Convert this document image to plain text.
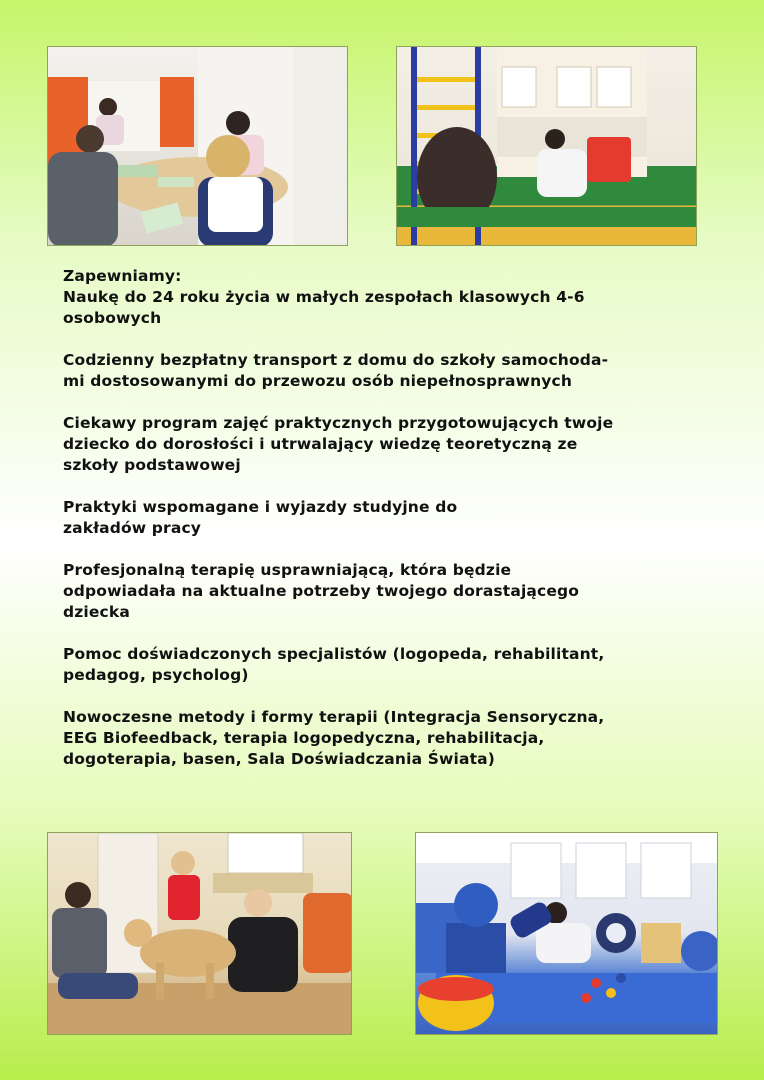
Zapewniamy:
Naukę do 24 roku życia w małych zespołach klasowych 4-6
osobowych
Codzienny bezpłatny transport z domu do szkoły samochoda-
mi dostosowanymi do przewozu osób niepełnosprawnych
Ciekawy program zajęć praktycznych przygotowujących twoje
dziecko do dorosłości i utrwalający wiedzę teoretyczną ze
szkoły podstawowej
Praktyki wspomagane i wyjazdy studyjne do
zakładów pracy
Profesjonalną terapię usprawniającą, która będzie
odpowiadała na aktualne potrzeby twojego dorastającego
dziecka
Pomoc doświadczonych specjalistów (logopeda, rehabilitant,
pedagog, psycholog)
Nowoczesne metody i formy terapii (Integracja Sensoryczna,
EEG Biofeedback, terapia logopedyczna, rehabilitacja,
dogoterapia, basen, Sala Doświadczania Świata)
